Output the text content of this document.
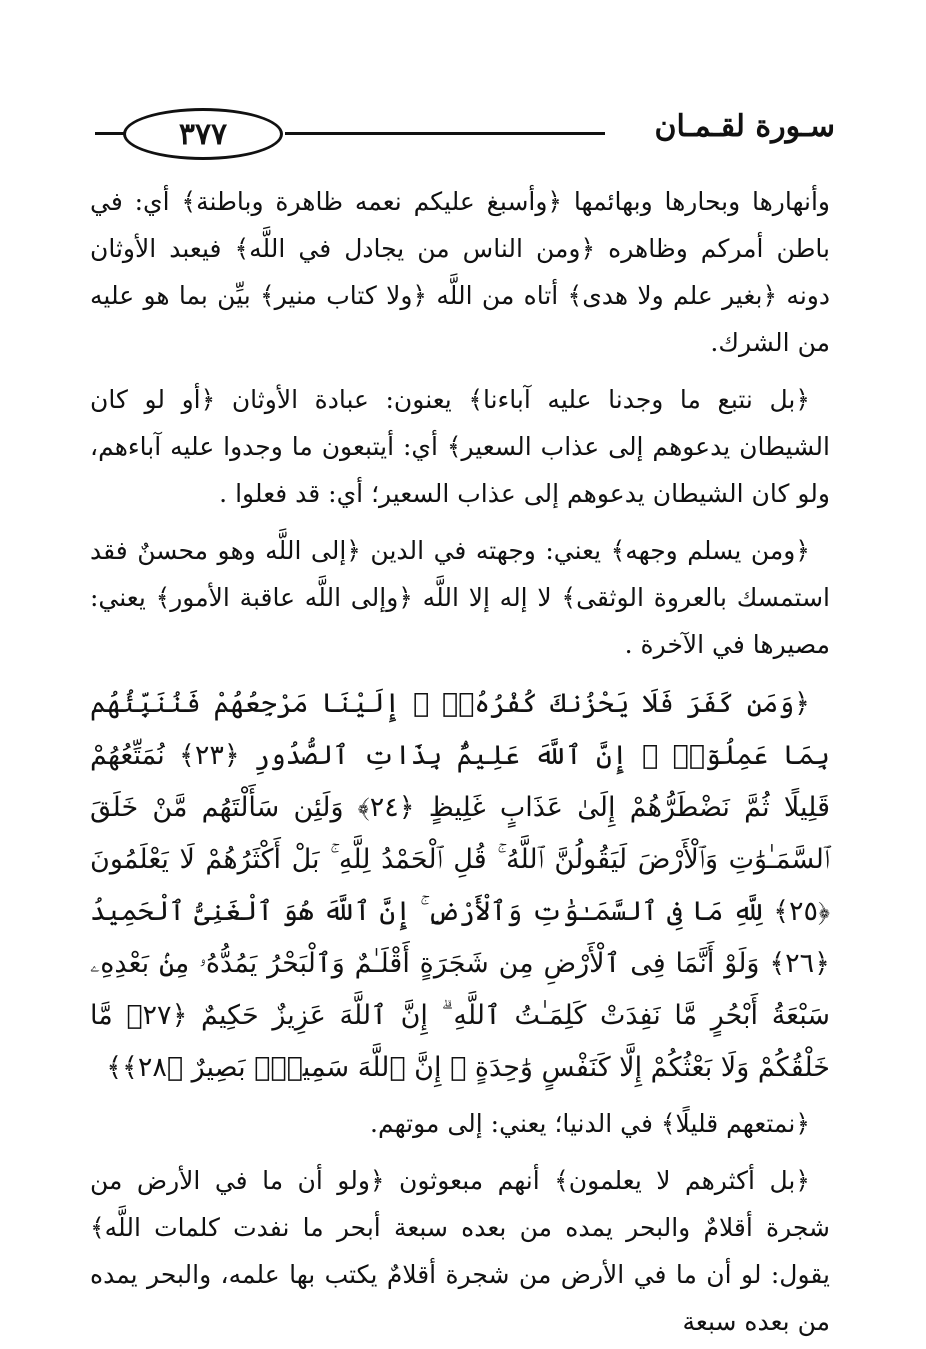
٣٧٧	سـورة لقـمـان

وأنهارها وبحارها وبهائمها ﴿وأسبغ عليكم نعمه ظاهرة وباطنة﴾ أي: في باطن أمركم وظاهره ﴿ومن الناس من يجادل في اللَّه﴾ فيعبد الأوثان دونه ﴿بغير علم ولا هدى﴾ أتاه من اللَّه ﴿ولا كتاب منير﴾ بيِّن بما هو عليه من الشرك.

﴿بل نتبع ما وجدنا عليه آباءنا﴾ يعنون: عبادة الأوثان ﴿أو لو كان الشيطان يدعوهم إلى عذاب السعير﴾ أي: أيتبعون ما وجدوا عليه آباءهم، ولو كان الشيطان يدعوهم إلى عذاب السعير؛ أي: قد فعلوا .

﴿ومن يسلم وجهه﴾ يعني: وجهته في الدين ﴿إلى اللَّه وهو محسنٌ فقد استمسك بالعروة الوثقى﴾ لا إله إلا اللَّه ﴿وإلى اللَّه عاقبة الأمور﴾ يعني: مصيرها في الآخرة .

﴿وَمَن كَفَرَ فَلَا يَحْزُنكَ كُفْرُهُۥٓ ۚ إِلَيْنَا مَرْجِعُهُمْ فَنُنَبِّئُهُم بِمَا عَمِلُوٓا۟ ۚ إِنَّ ٱللَّهَ عَلِيمٌۢ بِذَاتِ ٱلصُّدُورِ ﴿٢٣﴾ نُمَتِّعُهُمْ قَلِيلًا ثُمَّ نَضْطَرُّهُمْ إِلَىٰ عَذَابٍ غَلِيظٍ ﴿٢٤﴾ وَلَئِن سَأَلْتَهُم مَّنْ خَلَقَ ٱلسَّمَـٰوَٰتِ وَٱلْأَرْضَ لَيَقُولُنَّ ٱللَّهُ ۚ قُلِ ٱلْحَمْدُ لِلَّهِ ۚ بَلْ أَكْثَرُهُمْ لَا يَعْلَمُونَ ﴿٢٥﴾ لِلَّهِ مَا فِى ٱلسَّمَـٰوَٰتِ وَٱلْأَرْضِ ۚ إِنَّ ٱللَّهَ هُوَ ٱلْغَنِىُّ ٱلْحَمِيدُ ﴿٢٦﴾ وَلَوْ أَنَّمَا فِى ٱلْأَرْضِ مِن شَجَرَةٍ أَقْلَـٰمٌ وَٱلْبَحْرُ يَمُدُّهُۥ مِنۢ بَعْدِهِۦ سَبْعَةُ أَبْحُرٍ مَّا نَفِدَتْ كَلِمَـٰتُ ٱللَّهِ ۗ إِنَّ ٱللَّهَ عَزِيزٌ حَكِيمٌ ﴿٢٧﴾ مَّا خَلْقُكُمْ وَلَا بَعْثُكُمْ إِلَّا كَنَفْسٍ وَٰحِدَةٍ ۗ إِنَّ ٱللَّهَ سَمِيعٌۢ بَصِيرٌ ﴿٢٨﴾﴾

﴿نمتعهم قليلًا﴾ في الدنيا؛ يعني: إلى موتهم.

﴿بل أكثرهم لا يعلمون﴾ أنهم مبعوثون ﴿ولو أن ما في الأرض من شجرة أقلامٌ والبحر يمده من بعده سبعة أبحر ما نفدت كلمات اللَّه﴾ يقول: لو أن ما في الأرض من شجرة أقلامٌ يكتب بها علمه، والبحر يمده من بعده سبعة
